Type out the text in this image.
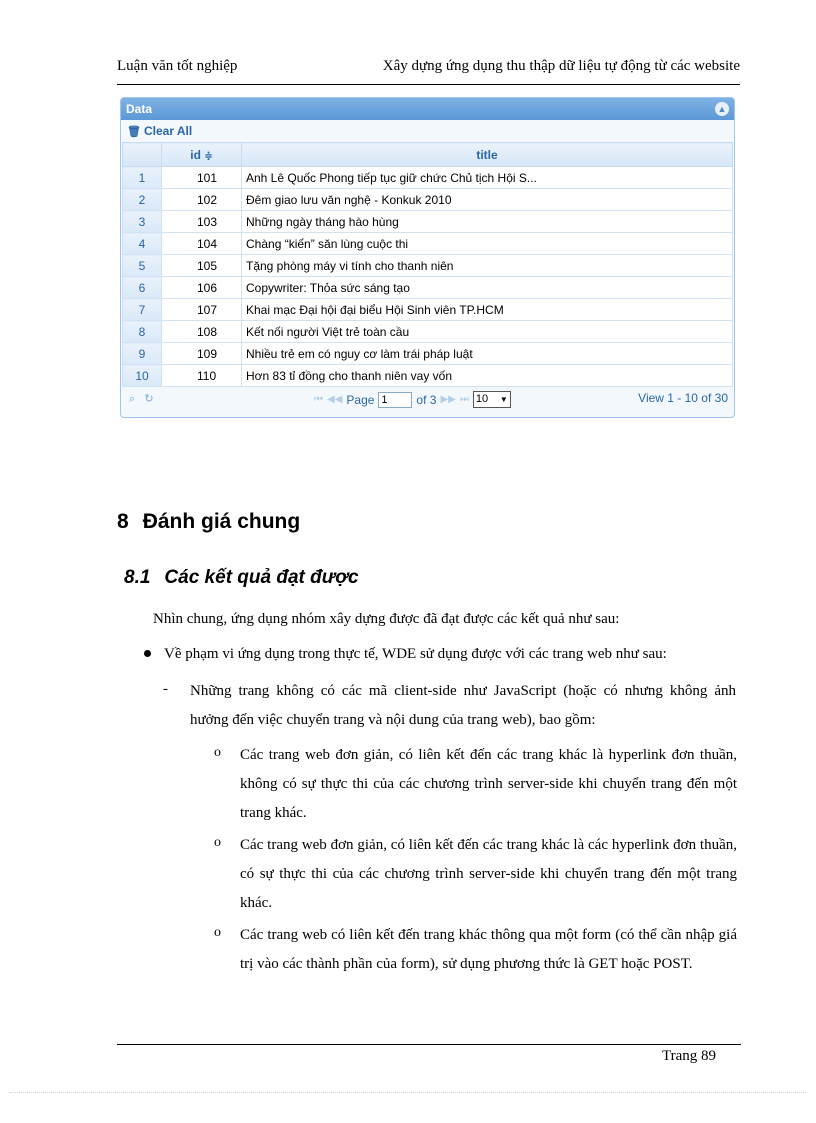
Luận văn tốt nghiệp	Xây dựng ứng dụng thu thập dữ liệu tự động từ các website
Data	▲
🗑 Clear All
	id ≑	title
1	101	Anh Lê Quốc Phong tiếp tục giữ chức Chủ tịch Hội S...
2	102	Đêm giao lưu văn nghệ - Konkuk 2010
3	103	Những ngày tháng hào hùng
4	104	Chàng “kiến” săn lùng cuộc thi
5	105	Tặng phòng máy vi tính cho thanh niên
6	106	Copywriter: Thỏa sức sáng tạo
7	107	Khai mạc Đại hội đại biểu Hội Sinh viên TP.HCM
8	108	Kết nối người Việt trẻ toàn cầu
9	109	Nhiều trẻ em có nguy cơ làm trái pháp luật
10	110	Hơn 83 tỉ đồng cho thanh niên vay vốn
⌕ ↻	⏮ ◀◀ Page 1	of 3 ▶▶ ⏭ 10 ▼	View 1 - 10 of 30
8 Đánh giá chung
8.1 Các kết quả đạt được
Nhìn chung, ứng dụng nhóm xây dựng được đã đạt được các kết quả như sau:
Về phạm vi ứng dụng trong thực tế, WDE sử dụng được với các trang web như sau:
- Những trang không có các mã client-side như JavaScript (hoặc có nhưng không ảnh hưởng đến việc chuyển trang và nội dung của trang web), bao gồm:
o Các trang web đơn giản, có liên kết đến các trang khác là hyperlink đơn thuần, không có sự thực thi của các chương trình server-side khi chuyển trang đến một trang khác.
o Các trang web đơn giản, có liên kết đến các trang khác là các hyperlink đơn thuần, có sự thực thi của các chương trình server-side khi chuyển trang đến một trang khác.
o Các trang web có liên kết đến trang khác thông qua một form (có thể cần nhập giá trị vào các thành phần của form), sử dụng phương thức là GET hoặc POST.
Trang 89
